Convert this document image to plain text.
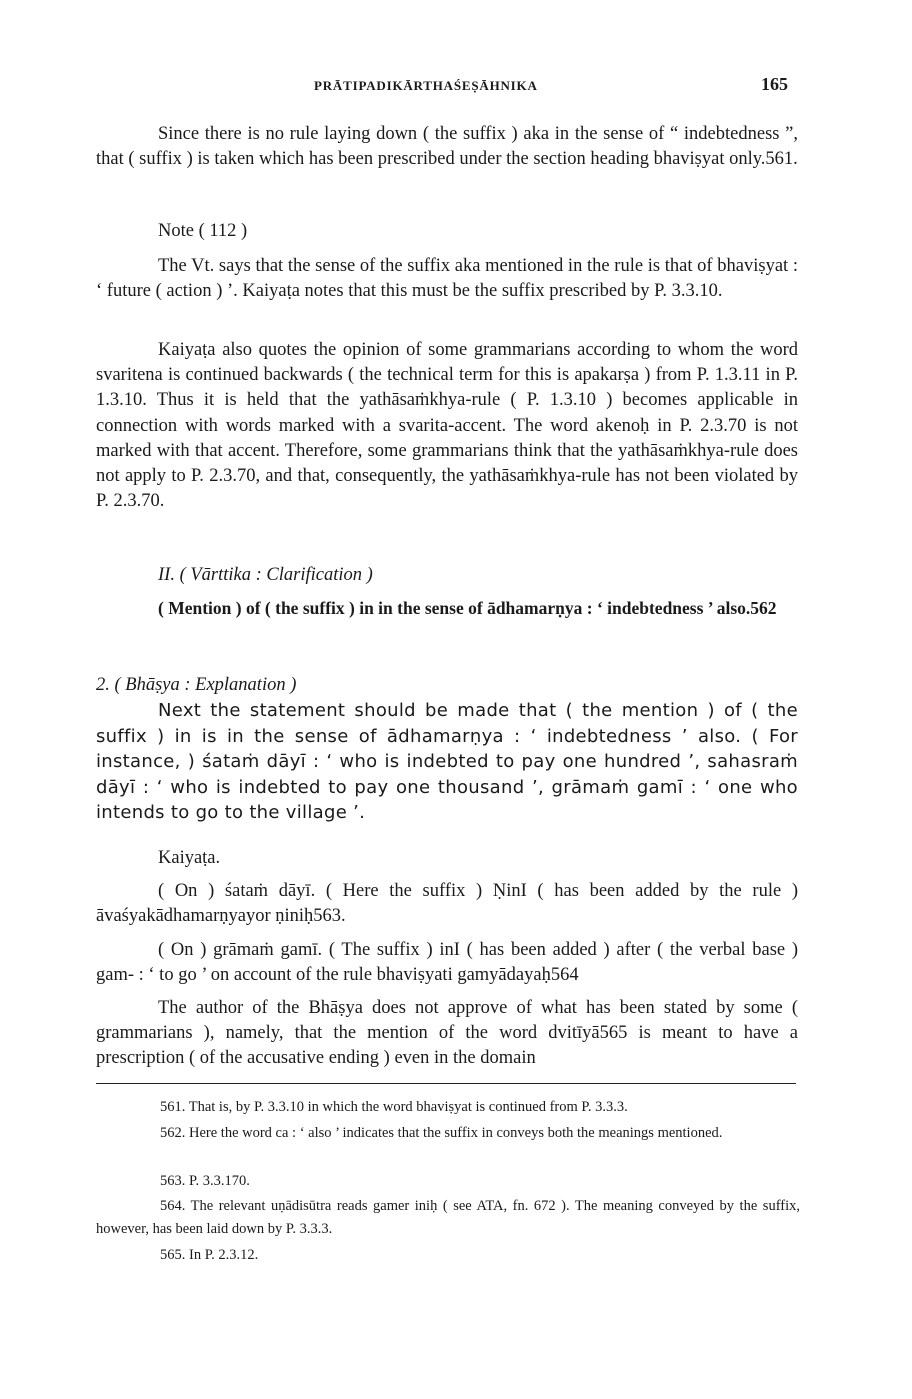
PRĀTIPADIKĀRTHAŚEṢĀHNIKA	165

Since there is no rule laying down ( the suffix ) aka in the sense of “ indebtedness ”, that ( suffix ) is taken which has been prescribed under the section heading bhaviṣyat only.561.

Note ( 112 )

The Vt. says that the sense of the suffix aka mentioned in the rule is that of bhaviṣyat : ‘ future ( action ) ’. Kaiyaṭa notes that this must be the suffix prescribed by P. 3.3.10.

Kaiyaṭa also quotes the opinion of some grammarians according to whom the word svaritena is continued backwards ( the technical term for this is apakarṣa ) from P. 1.3.11 in P. 1.3.10. Thus it is held that the yathāsaṁkhya-rule ( P. 1.3.10 ) becomes applicable in connection with words marked with a svarita-accent. The word akenoḥ in P. 2.3.70 is not marked with that accent. Therefore, some grammarians think that the yathāsaṁkhya-rule does not apply to P. 2.3.70, and that, consequently, the yathāsaṁkhya-rule has not been violated by P. 2.3.70.

II. ( Vārttika : Clarification )

( Mention ) of ( the suffix ) in in the sense of ādhamarṇya : ‘ indebtedness ’ also.562

2. ( Bhāṣya : Explanation )

Next the statement should be made that ( the mention ) of ( the suffix ) in is in the sense of ādhamarṇya : ‘ indebtedness ’ also. ( For instance, ) śataṁ dāyī : ‘ who is indebted to pay one hundred ’, sahasraṁ dāyī : ‘ who is indebted to pay one thousand ’, grāmaṁ gamī : ‘ one who intends to go to the village ’.

Kaiyaṭa.

( On ) śataṁ dāyī. ( Here the suffix ) ṆinI ( has been added by the rule ) āvaśyakādhamarṇyayor ṇiniḥ563.

( On ) grāmaṁ gamī. ( The suffix ) inI ( has been added ) after ( the verbal base ) gam- : ‘ to go ’ on account of the rule bhaviṣyati gamyādayaḥ564

The author of the Bhāṣya does not approve of what has been stated by some ( grammarians ), namely, that the mention of the word dvitīyā565 is meant to have a prescription ( of the accusative ending ) even in the domain

561. That is, by P. 3.3.10 in which the word bhaviṣyat is continued from P. 3.3.3.

562. Here the word ca : ‘ also ’ indicates that the suffix in conveys both the meanings mentioned.

563. P. 3.3.170.

564. The relevant uṇādisūtra reads gamer iniḥ ( see ATA, fn. 672 ). The meaning conveyed by the suffix, however, has been laid down by P. 3.3.3.

565. In P. 2.3.12.
